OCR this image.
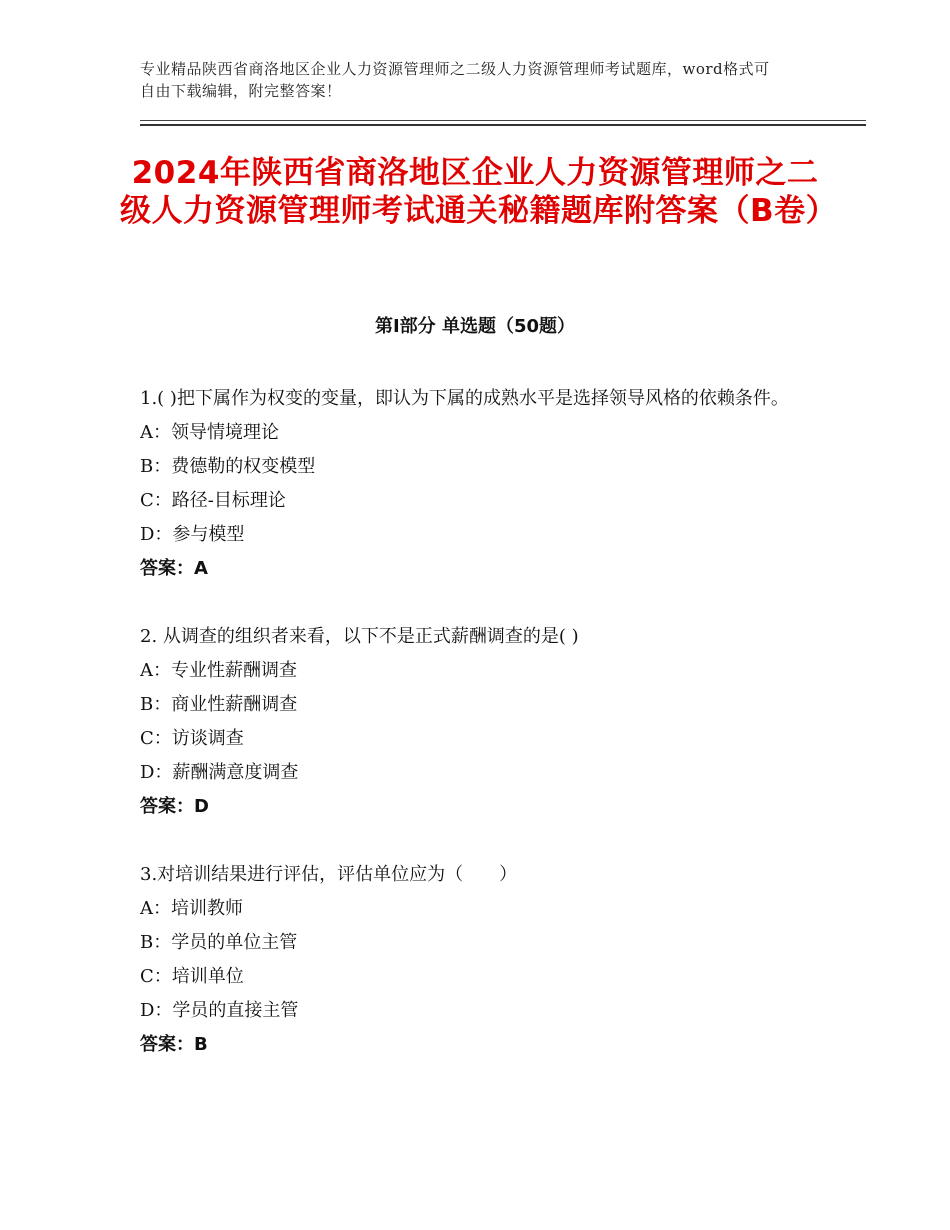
专业精品陕西省商洛地区企业人力资源管理师之二级人力资源管理师考试题库，word格式可自由下载编辑，附完整答案！
2024年陕西省商洛地区企业人力资源管理师之二级人力资源管理师考试通关秘籍题库附答案（B卷）
第Ⅰ部分 单选题（50题）

1.( )把下属作为权变的变量，即认为下属的成熟水平是选择领导风格的依赖条件。

A：领导情境理论

B：费德勒的权变模型

C：路径-目标理论

D：参与模型

答案：A

2. 从调查的组织者来看，以下不是正式薪酬调查的是( )

A：专业性薪酬调查

B：商业性薪酬调查

C：访谈调查

D：薪酬满意度调查

答案：D

3.对培训结果进行评估，评估单位应为（　　）

A：培训教师

B：学员的单位主管

C：培训单位

D：学员的直接主管

答案：B
